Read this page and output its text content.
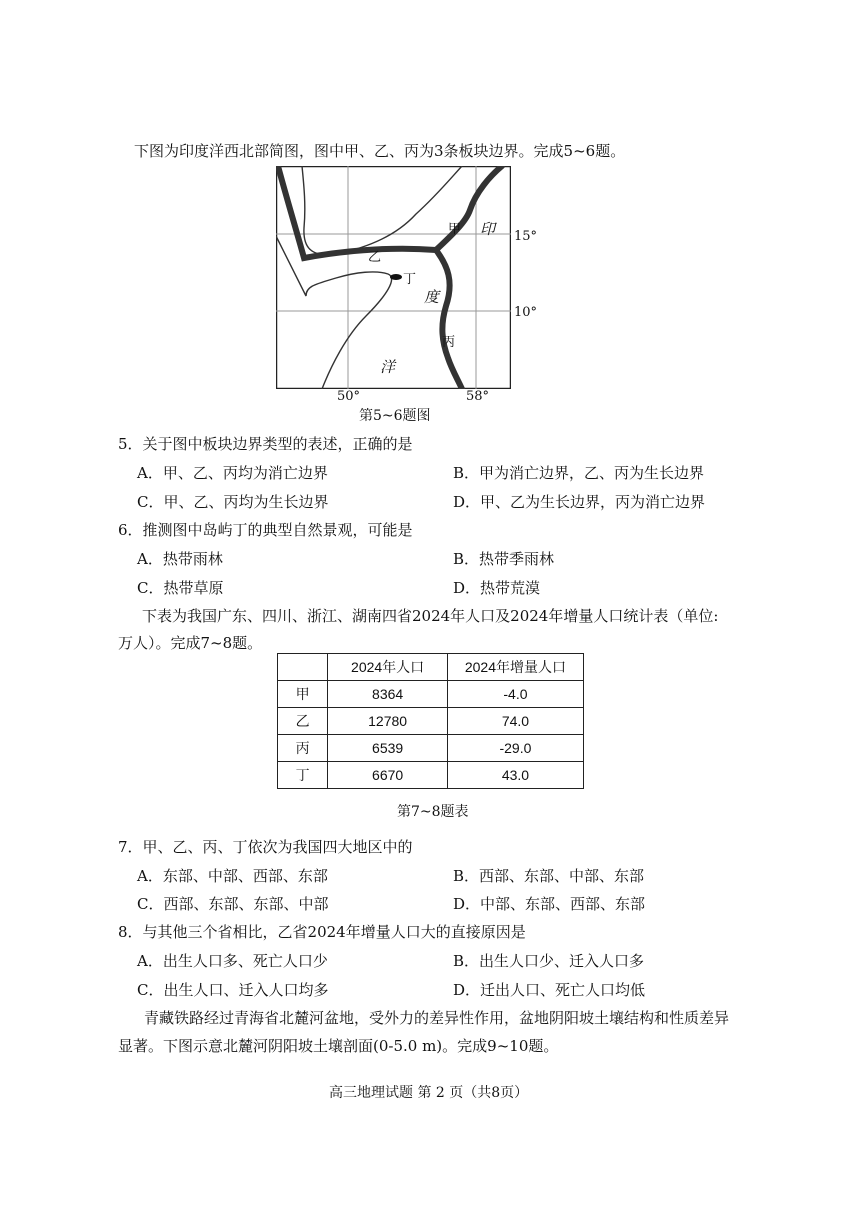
下图为印度洋西北部简图，图中甲、乙、丙为3条板块边界。完成5~6题。
甲 印
乙
丁
度
丙
洋
15°
10°
50°	58°
第5~6题图
5．关于图中板块边界类型的表述，正确的是
A．甲、乙、丙均为消亡边界	B．甲为消亡边界，乙、丙为生长边界
C．甲、乙、丙均为生长边界	D．甲、乙为生长边界，丙为消亡边界
6．推测图中岛屿丁的典型自然景观，可能是
A．热带雨林	B．热带季雨林
C．热带草原	D．热带荒漠
下表为我国广东、四川、浙江、湖南四省2024年人口及2024年增量人口统计表（单位:
万人）。完成7~8题。
	2024年人口	2024年增量人口
甲	8364	-4.0
乙	12780	74.0
丙	6539	-29.0
丁	6670	43.0
第7~8题表
7．甲、乙、丙、丁依次为我国四大地区中的
A．东部、中部、西部、东部	B．西部、东部、中部、东部
C．西部、东部、东部、中部	D．中部、东部、西部、东部
8．与其他三个省相比，乙省2024年增量人口大的直接原因是
A．出生人口多、死亡人口少	B．出生人口少、迁入人口多
C．出生人口、迁入人口均多	D．迁出人口、死亡人口均低
青藏铁路经过青海省北麓河盆地，受外力的差异性作用，盆地阴阳坡土壤结构和性质差异
显著。下图示意北麓河阴阳坡土壤剖面(0-5.0 m)。完成9~10题。
高三地理试题 第 2 页（共8页）
